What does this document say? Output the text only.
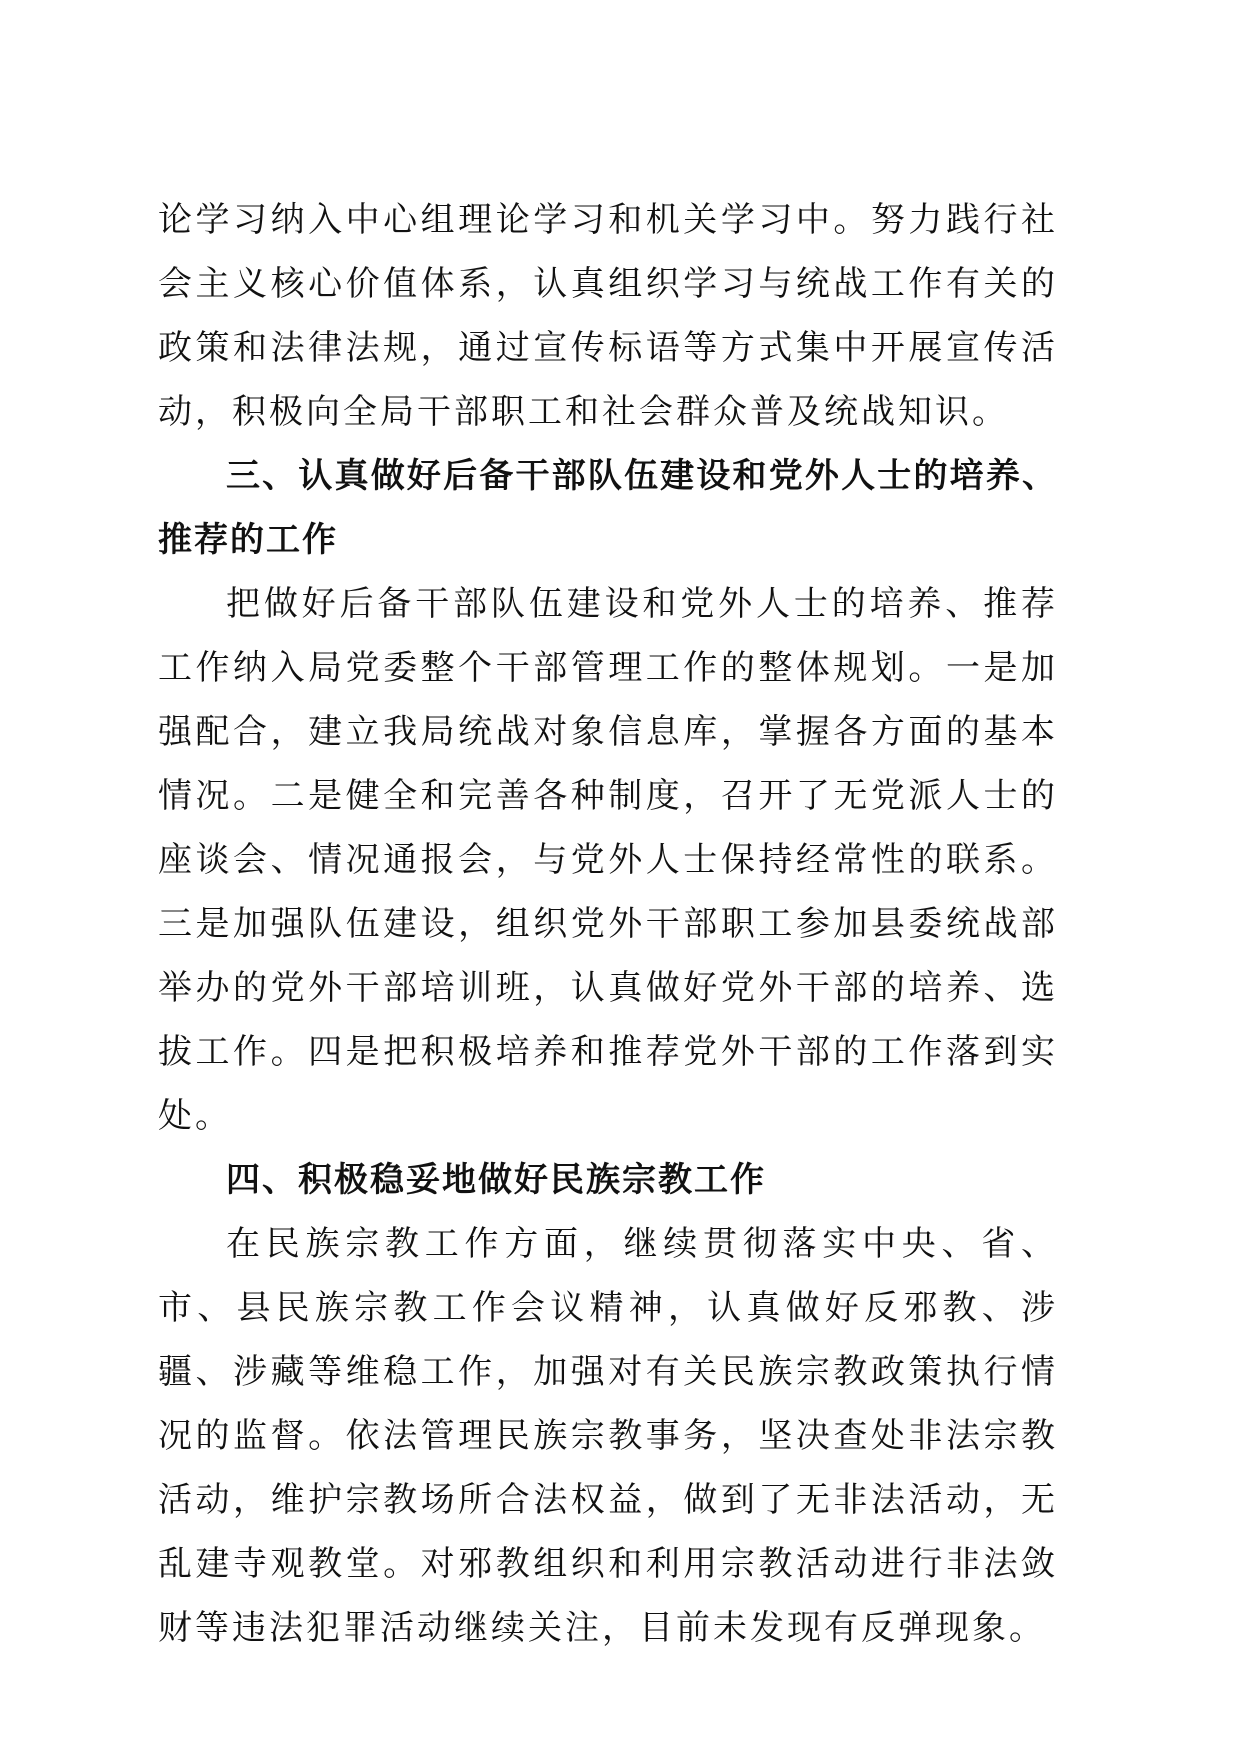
论学习纳入中心组理论学习和机关学习中。努力践行社会主义核心价值体系，认真组织学习与统战工作有关的政策和法律法规，通过宣传标语等方式集中开展宣传活动，积极向全局干部职工和社会群众普及统战知识。

三、认真做好后备干部队伍建设和党外人士的培养、推荐的工作

把做好后备干部队伍建设和党外人士的培养、推荐工作纳入局党委整个干部管理工作的整体规划。一是加强配合，建立我局统战对象信息库，掌握各方面的基本情况。二是健全和完善各种制度，召开了无党派人士的座谈会、情况通报会，与党外人士保持经常性的联系。三是加强队伍建设，组织党外干部职工参加县委统战部举办的党外干部培训班，认真做好党外干部的培养、选拔工作。四是把积极培养和推荐党外干部的工作落到实处。

四、积极稳妥地做好民族宗教工作

在民族宗教工作方面，继续贯彻落实中央、省、市、县民族宗教工作会议精神，认真做好反邪教、涉疆、涉藏等维稳工作，加强对有关民族宗教政策执行情况的监督。依法管理民族宗教事务，坚决查处非法宗教活动，维护宗教场所合法权益，做到了无非法活动，无乱建寺观教堂。对邪教组织和利用宗教活动进行非法敛财等违法犯罪活动继续关注，目前未发现有反弹现象。
